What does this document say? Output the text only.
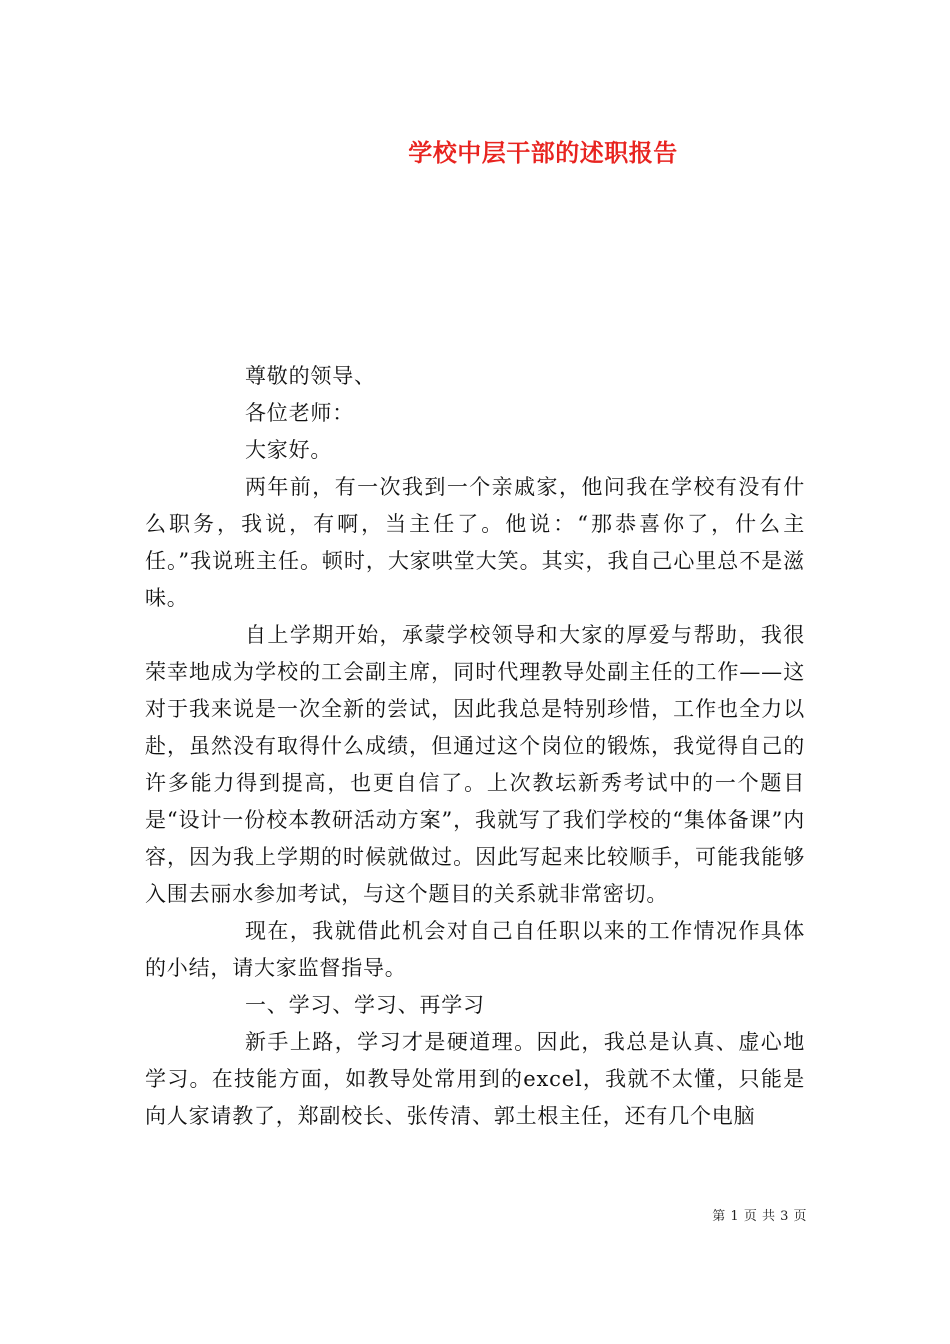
学校中层干部的述职报告

尊敬的领导、

各位老师：

大家好。

两年前，有一次我到一个亲戚家，他问我在学校有没有什么职务，我说，有啊，当主任了。他说：“那恭喜你了，什么主任。”我说班主任。顿时，大家哄堂大笑。其实，我自己心里总不是滋味。

自上学期开始，承蒙学校领导和大家的厚爱与帮助，我很荣幸地成为学校的工会副主席，同时代理教导处副主任的工作——这对于我来说是一次全新的尝试，因此我总是特别珍惜，工作也全力以赴，虽然没有取得什么成绩，但通过这个岗位的锻炼，我觉得自己的许多能力得到提高，也更自信了。上次教坛新秀考试中的一个题目是“设计一份校本教研活动方案”，我就写了我们学校的“集体备课”内容，因为我上学期的时候就做过。因此写起来比较顺手，可能我能够入围去丽水参加考试，与这个题目的关系就非常密切。

现在，我就借此机会对自己自任职以来的工作情况作具体的小结，请大家监督指导。

一、学习、学习、再学习

新手上路，学习才是硬道理。因此，我总是认真、虚心地学习。在技能方面，如教导处常用到的excel，我就不太懂，只能是向人家请教了，郑副校长、张传清、郭土根主任，还有几个电脑

第 1 页 共 3 页
